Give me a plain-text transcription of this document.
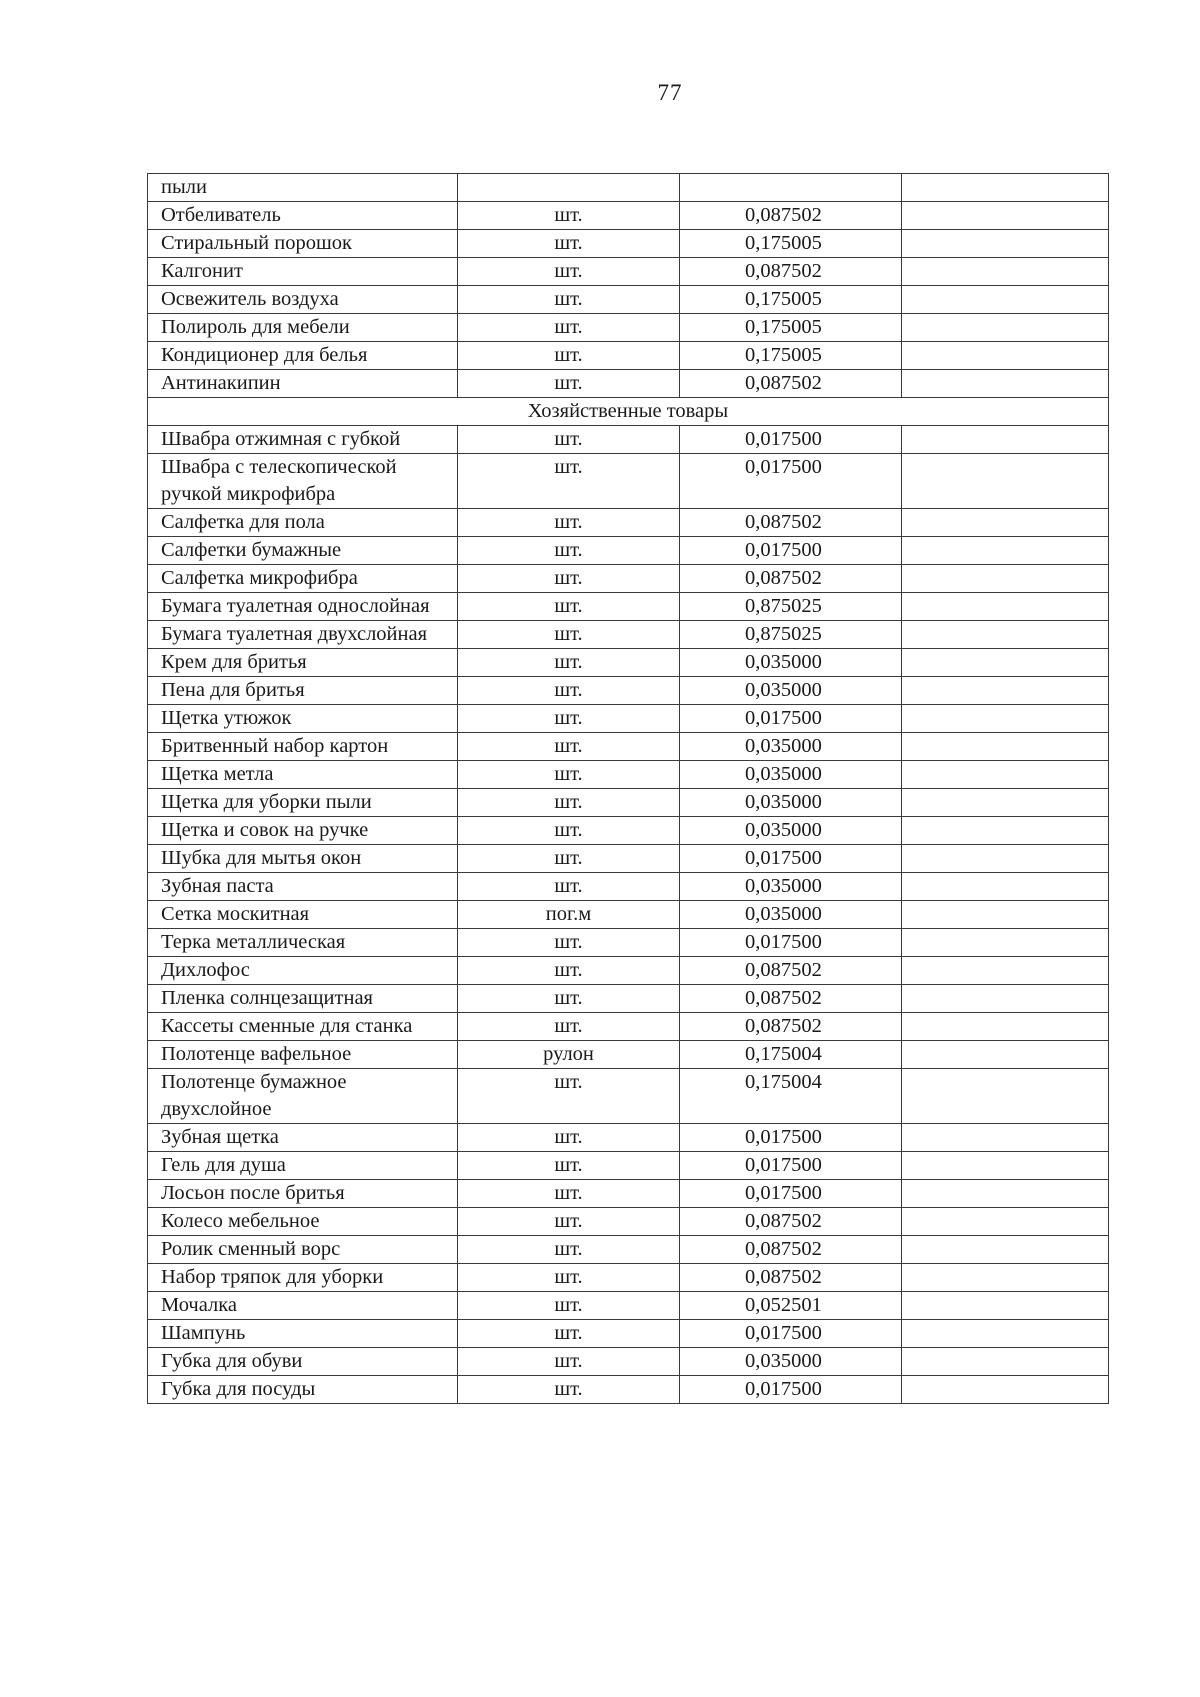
77
пыли			
Отбеливатель	шт.	0,087502	
Стиральный порошок	шт.	0,175005	
Калгонит	шт.	0,087502	
Освежитель воздуха	шт.	0,175005	
Полироль для мебели	шт.	0,175005	
Кондиционер для белья	шт.	0,175005	
Антинакипин	шт.	0,087502	
Хозяйственные товары			
Швабра отжимная с губкой	шт.	0,017500	
Швабра с телескопической ручкой микрофибра	шт.	0,017500	
Салфетка для пола	шт.	0,087502	
Салфетки бумажные	шт.	0,017500	
Салфетка микрофибра	шт.	0,087502	
Бумага туалетная однослойная	шт.	0,875025	
Бумага туалетная двухслойная	шт.	0,875025	
Крем для бритья	шт.	0,035000	
Пена для бритья	шт.	0,035000	
Щетка утюжок	шт.	0,017500	
Бритвенный набор картон	шт.	0,035000	
Щетка метла	шт.	0,035000	
Щетка для уборки пыли	шт.	0,035000	
Щетка и совок на ручке	шт.	0,035000	
Шубка для мытья окон	шт.	0,017500	
Зубная паста	шт.	0,035000	
Сетка москитная	пог.м	0,035000	
Терка металлическая	шт.	0,017500	
Дихлофос	шт.	0,087502	
Пленка солнцезащитная	шт.	0,087502	
Кассеты сменные для станка	шт.	0,087502	
Полотенце вафельное	рулон	0,175004	
Полотенце бумажное двухслойное	шт.	0,175004	
Зубная щетка	шт.	0,017500	
Гель для душа	шт.	0,017500	
Лосьон после бритья	шт.	0,017500	
Колесо мебельное	шт.	0,087502	
Ролик сменный ворс	шт.	0,087502	
Набор тряпок для уборки	шт.	0,087502	
Мочалка	шт.	0,052501	
Шампунь	шт.	0,017500	
Губка для обуви	шт.	0,035000	
Губка для посуды	шт.	0,017500	
